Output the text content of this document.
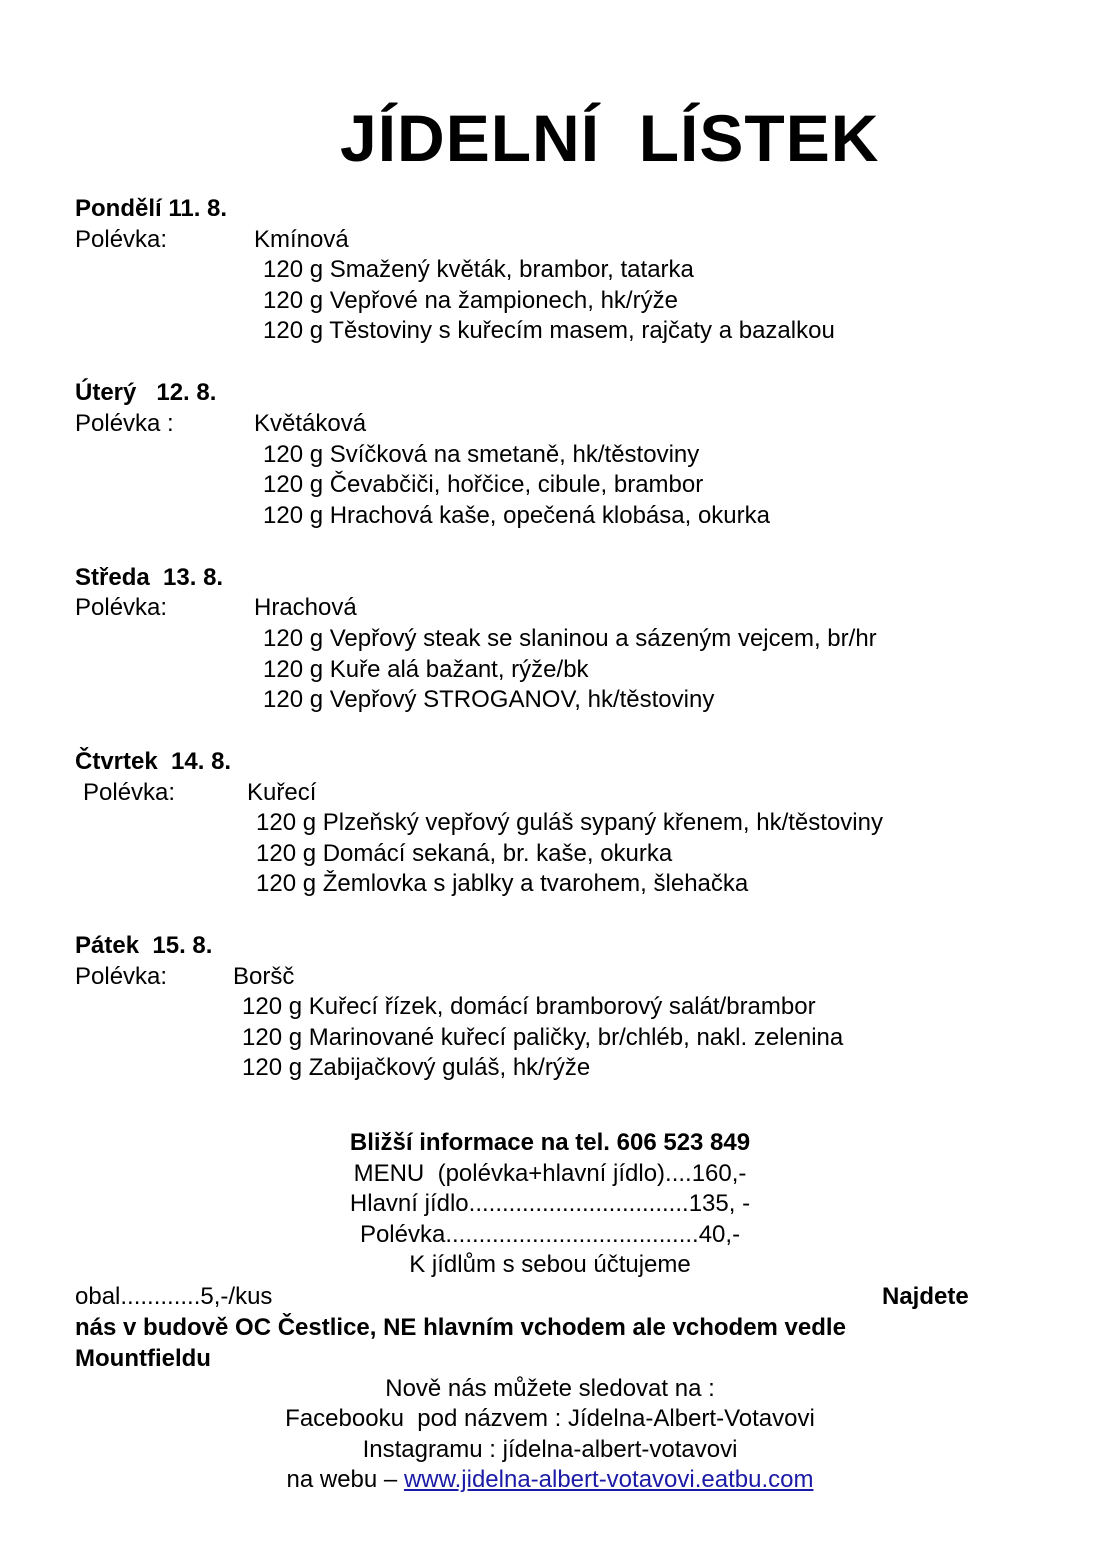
JÍDELNÍ  LÍSTEK
Pondělí 11. 8.
Polévka:	Kmínová
120 g Smažený květák, brambor, tatarka
120 g Vepřové na žampionech, hk/rýže
120 g Těstoviny s kuřecím masem, rajčaty a bazalkou
Úterý   12. 8.
Polévka :	Květáková
120 g Svíčková na smetaně, hk/těstoviny
120 g Čevabčiči, hořčice, cibule, brambor
120 g Hrachová kaše, opečená klobása, okurka
Středa  13. 8.
Polévka:	Hrachová
120 g Vepřový steak se slaninou a sázeným vejcem, br/hr
120 g Kuře alá bažant, rýže/bk
120 g Vepřový STROGANOV, hk/těstoviny
Čtvrtek  14. 8.
Polévka:	Kuřecí
120 g Plzeňský vepřový guláš sypaný křenem, hk/těstoviny
120 g Domácí sekaná, br. kaše, okurka
120 g Žemlovka s jablky a tvarohem, šlehačka
Pátek  15. 8.
Polévka:	Boršč
120 g Kuřecí řízek, domácí bramborový salát/brambor
120 g Marinované kuřecí paličky, br/chléb, nakl. zelenina
120 g Zabijačkový guláš, hk/rýže
Bližší informace na tel. 606 523 849
MENU  (polévka+hlavní jídlo)....160,-
Hlavní jídlo.................................135, -
Polévka......................................40,-
K jídlům s sebou účtujeme
obal............5,-/kus	Najdete
nás v budově OC Čestlice, NE hlavním vchodem ale vchodem vedle
Mountfieldu
Nově nás můžete sledovat na :
Facebooku  pod názvem : Jídelna-Albert-Votavovi
Instagramu : jídelna-albert-votavovi
na webu – www.jidelna-albert-votavovi.eatbu.com
